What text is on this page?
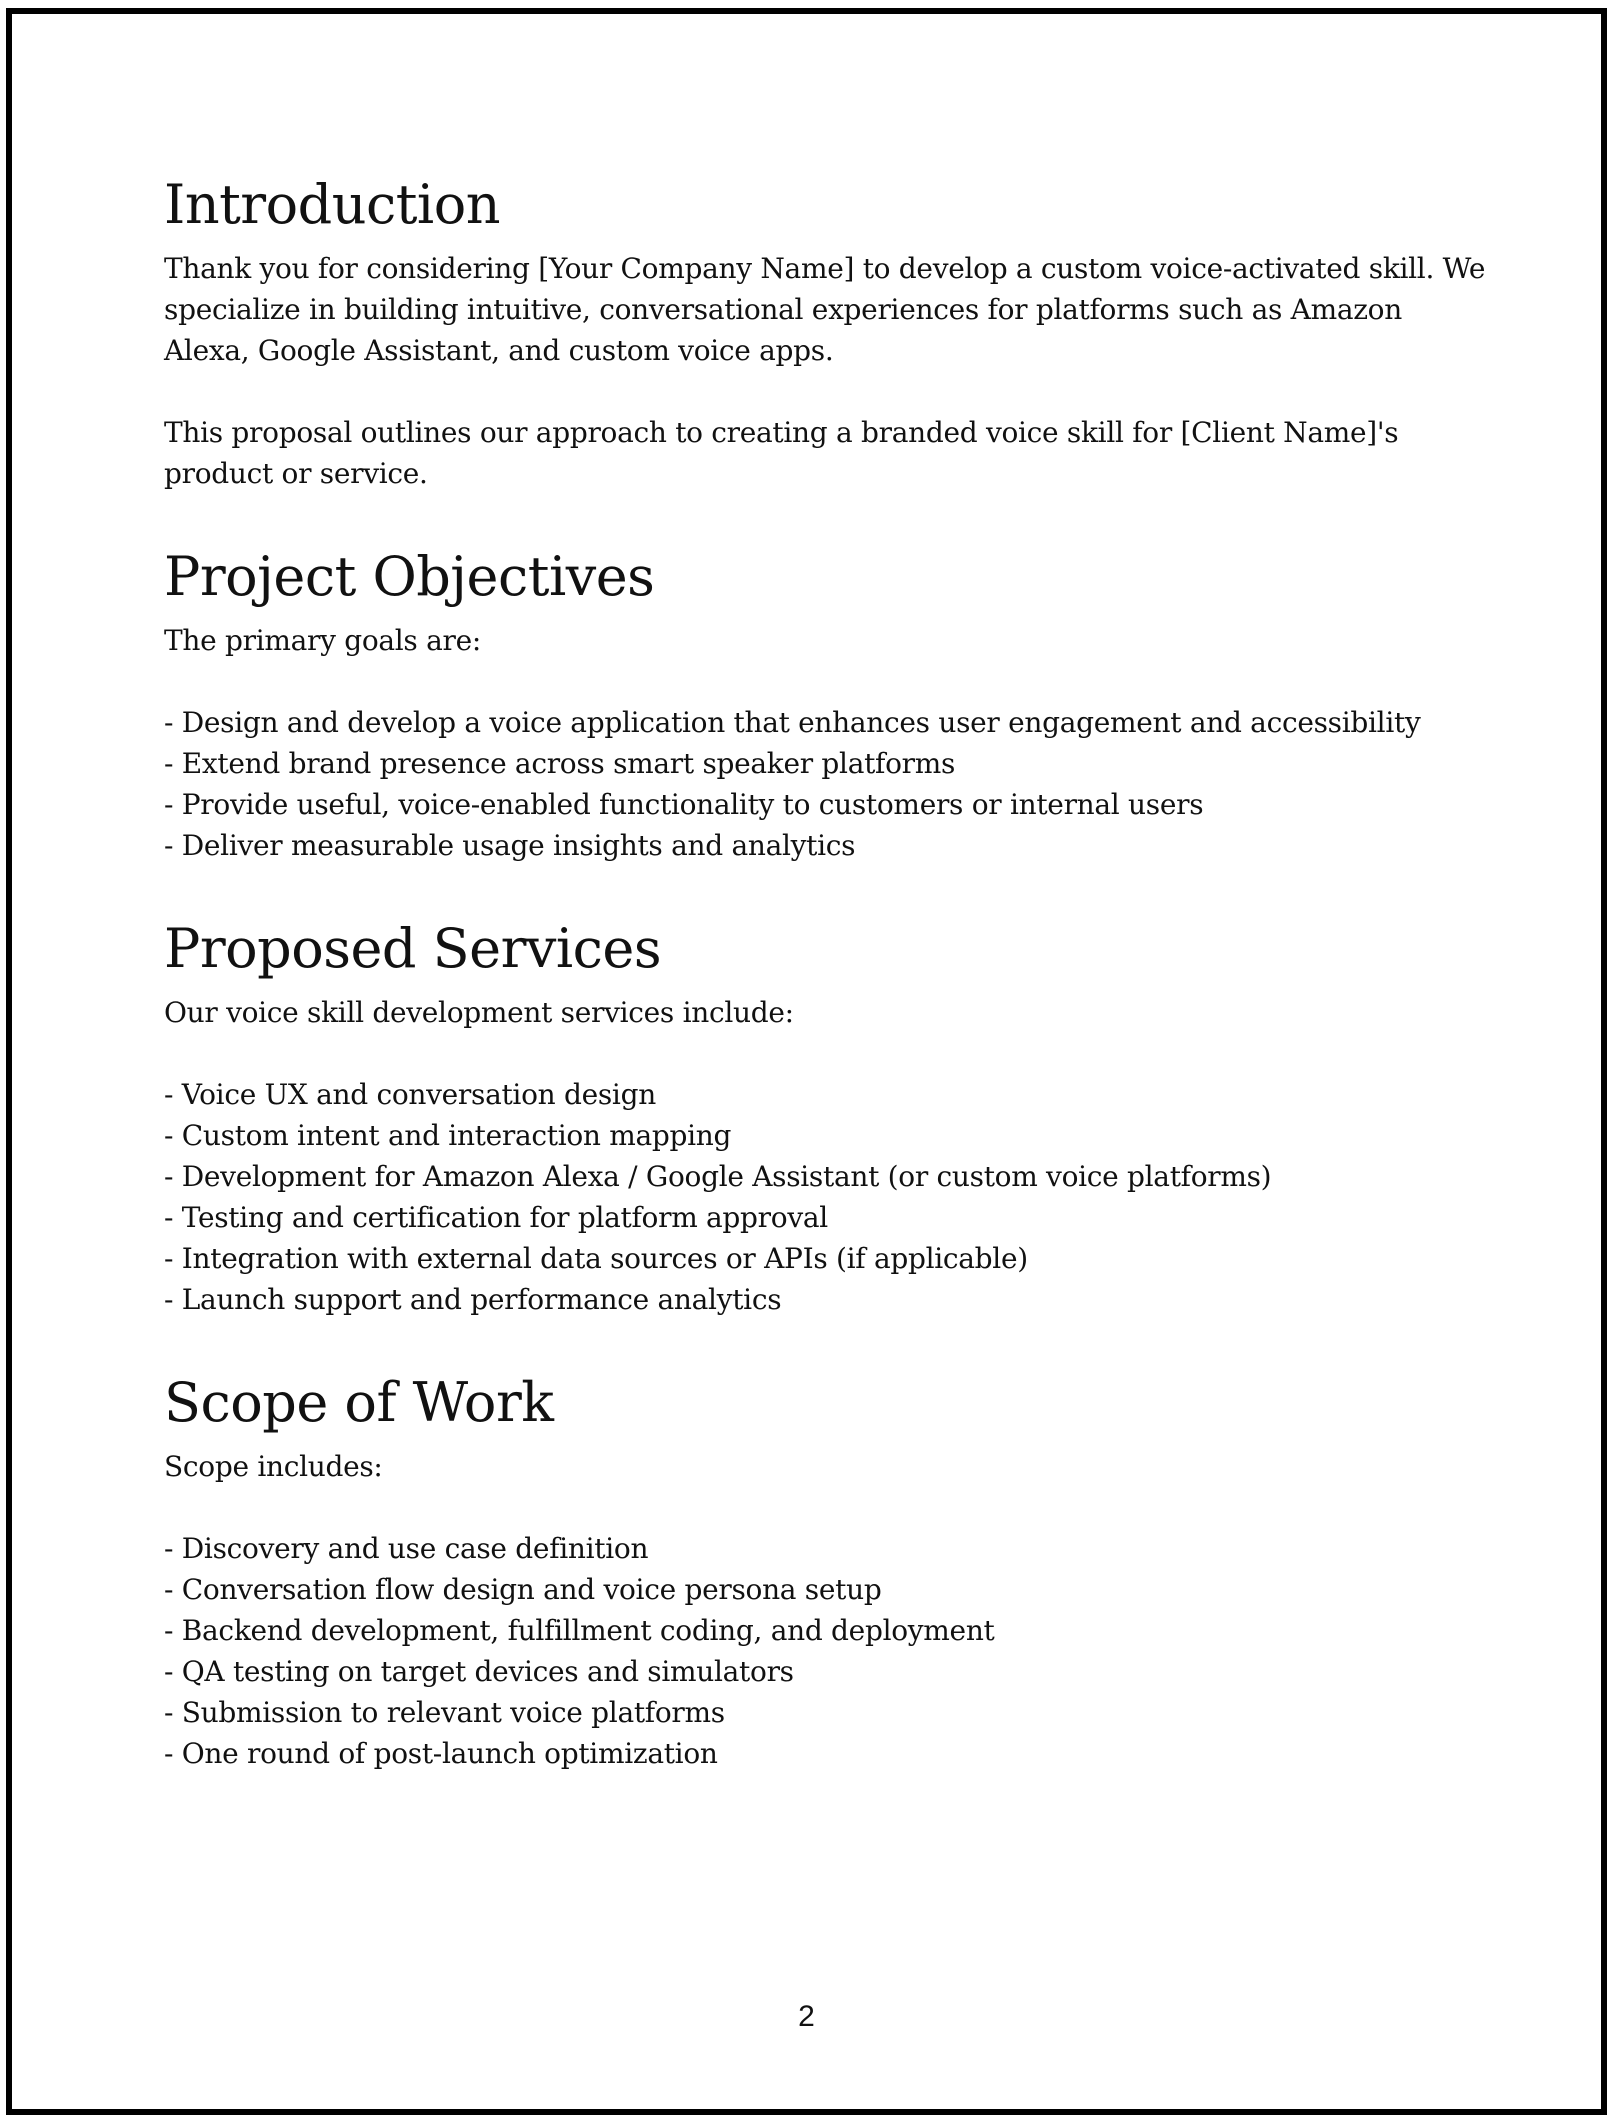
Introduction

Thank you for considering [Your Company Name] to develop a custom voice-activated skill. We specialize in building intuitive, conversational experiences for platforms such as Amazon Alexa, Google Assistant, and custom voice apps.

This proposal outlines our approach to creating a branded voice skill for [Client Name]'s product or service.

Project Objectives

The primary goals are:

- Design and develop a voice application that enhances user engagement and accessibility
- Extend brand presence across smart speaker platforms
- Provide useful, voice-enabled functionality to customers or internal users
- Deliver measurable usage insights and analytics
Proposed Services

Our voice skill development services include:

- Voice UX and conversation design
- Custom intent and interaction mapping
- Development for Amazon Alexa / Google Assistant (or custom voice platforms)
- Testing and certification for platform approval
- Integration with external data sources or APIs (if applicable)
- Launch support and performance analytics
Scope of Work

Scope includes:

- Discovery and use case definition
- Conversation flow design and voice persona setup
- Backend development, fulfillment coding, and deployment
- QA testing on target devices and simulators
- Submission to relevant voice platforms
- One round of post-launch optimization
2
